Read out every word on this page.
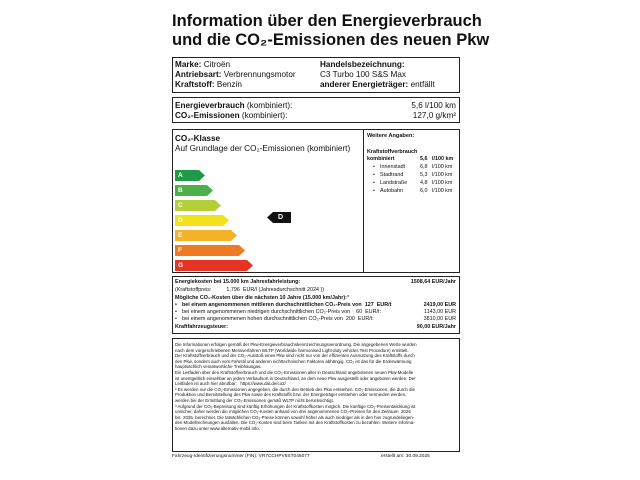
Information über den Energieverbrauch
und die CO₂-Emissionen des neuen Pkw
Marke: Citroën
Antriebsart: Verbrennungsmotor
Kraftstoff: Benzin
Handelsbezeichnung:
C3 Turbo 100 S&S Max
anderer Energieträger: entfällt
Energieverbrauch (kombiniert):	5,6 l/100 km
CO₂-Emissionen (kombiniert):	127,0 g/km²
CO₂-Klasse
Auf Grundlage der CO₂-Emissionen (kombiniert)
A
B
C
D
E
F
G
D
Weitere Angaben:
Kraftstoffverbrauch
kombiniert	5,6 l/100 km
• Innenstadt	6,8 l/100 km
• Stadtrand	5,3 l/100 km
• Landstraße 4,8 l/100 km
• Autobahn	6,0 l/100 km
Energiekosten bei 15.000 km Jahresfahrleistung:	1508,64 EUR/Jahr
(Kraftstoffpreis:          1,796  EUR/l (Jahresdurchschnitt 2024 ))
Mögliche CO₂-Kosten über die nächsten 10 Jahre (15.000 km/Jahr):³
• bei einem angenommenen mittleren durchschnittlichen CO₂-Preis von  127  EUR/t	2419,00 EUR
• bei einem angenommenen niedrigen durchschnittlichen CO₂-Preis von    60  EUR/t:	1143,00 EUR
• bei einem angenommenen hohen durchschnittlichen CO₂-Preis von  200  EUR/t:	3810,00 EUR
Kraftfahrzeugsteuer:	90,00 EUR/Jahr
Die Informationen erfolgen gemäß der Pkw-Energieverbrauchskennzeichnungsverordnung. Die angegebenen Werte wurden
nach dem vorgeschriebenen Messverfahren WLTP (Worldwide harmonised Light-duty vehicles Test Procedure) ermittelt.
Der Kraftstoffverbrauch und der CO₂-Ausstoß eines Pkw sind nicht nur von der effizienten Ausnutzung des Kraftstoffs durch
den Pkw, sondern auch vom Fahrstil und anderen nichttechnischen Faktoren abhängig. CO₂ ist das für die Erderwärmung
hauptsächlich verantwortliche Treibhausgas.
Ein Leitfaden über den Kraftstoffverbrauch und die CO₂-Emissionen aller in Deutschland angebotenen neuen Pkw-Modelle
ist unentgeltlich einsehbar an jedem Verkaufsort in Deutschland, an dem neue Pkw ausgestellt oder angeboten werden. Der
Leitfaden ist auch hier abrufbar:   https://www.dat.de/co2/
² Es werden nur die CO₂-Emissionen angegeben, die durch den Betrieb des Pkw entstehen. CO₂-Emissionen, die durch die
Produktion und Bereitstellung des Pkw sowie des Kraftstoffs bzw. der Energieträger entstehen oder vermieden werden,
werden bei der Ermittlung der CO₂-Emissionen gemäß WLTP nicht berücksichtigt.
³ Aufgrund der CO₂-Bepreisung sind künftig Erhöhungen der Kraftstoffkosten möglich. Die künftige CO₂-Preisentwicklung ist
unsicher, daher werden die möglichen CO₂-Kosten anhand von drei angenommenen CO₂-Preisen für den Zeitraum  2026
bis  2035  berechnet. Die tatsächlichen CO₂-Preise können sowohl höher als auch niedriger als in den hier zugrundeliegen-
den Modellrechnungen ausfallen. Die CO₂-Kosten sind beim Tanken mit den Kraftstoffkosten zu bezahlen. Weitere Informa-
tionen dazu unter www.alternativ-mobil.info.
Fahrzeug-Identifizierungsnummer (FIN): VR7CCHPV6ST046077	erstellt am: 30.09.2025
